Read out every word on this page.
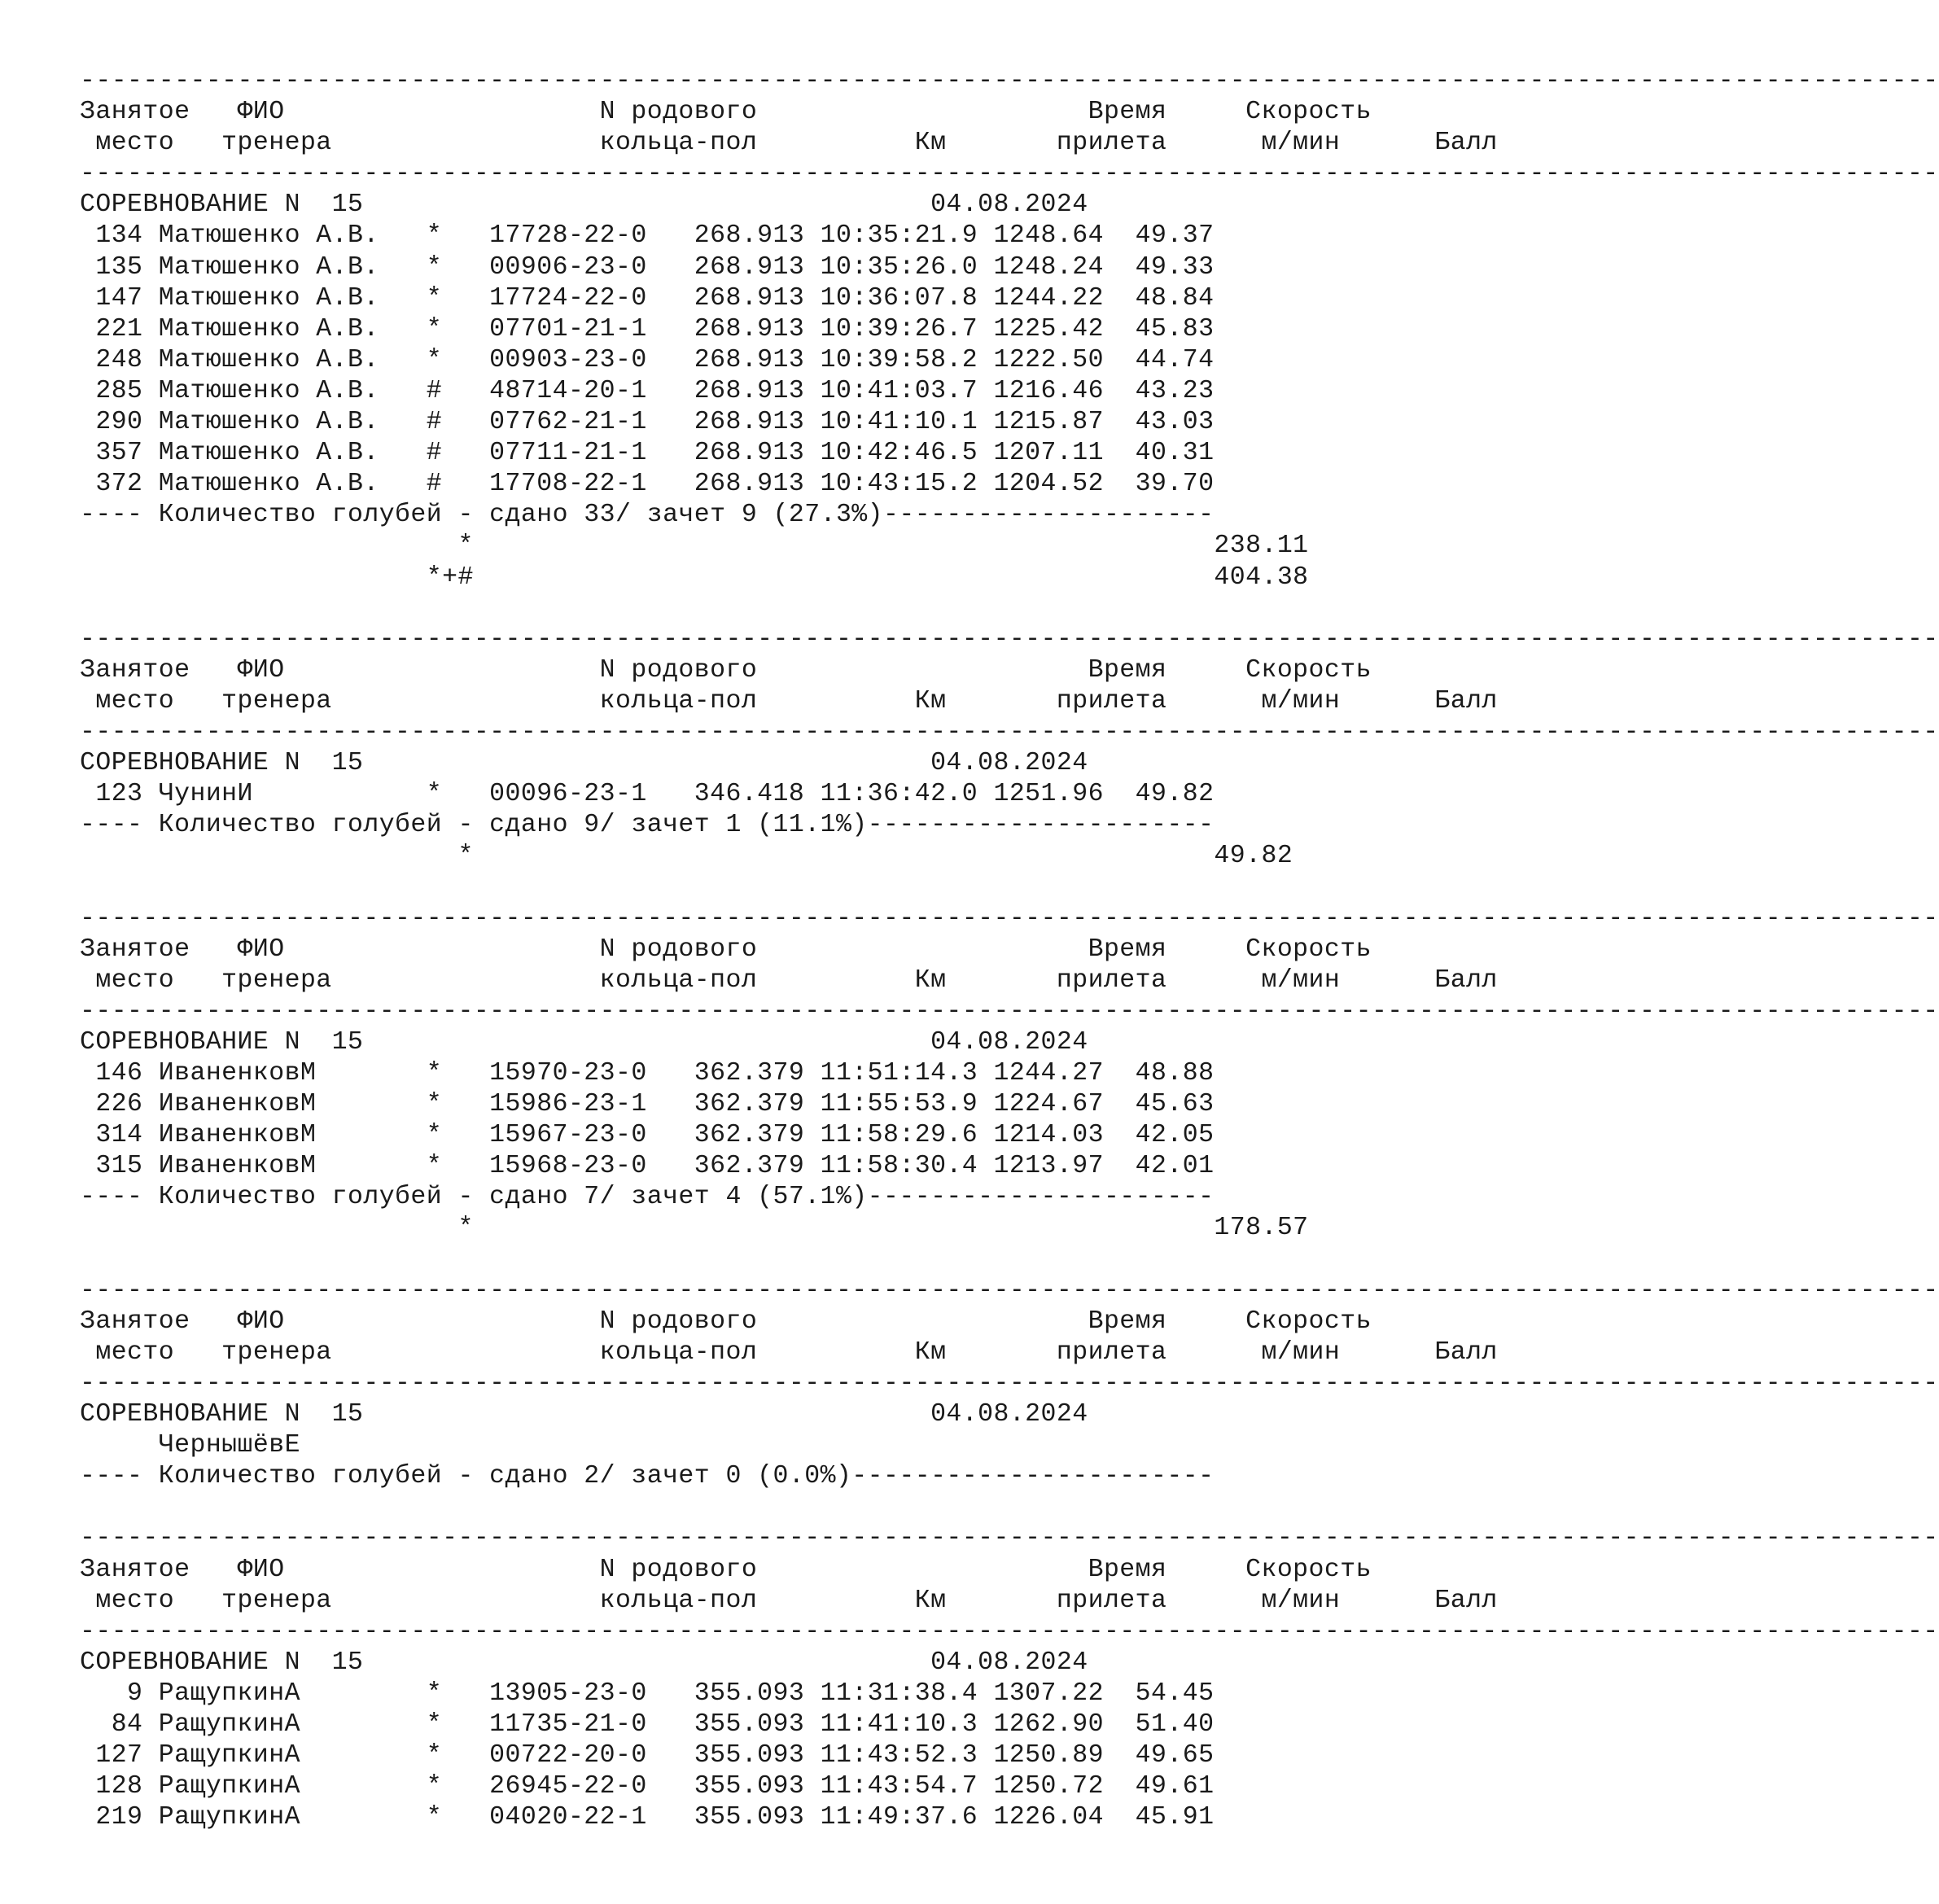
----------------------------------------------------------------------------------------------------------------------
Занятое   ФИО                    N родового                     Время     Скорость
место   тренера                 кольца-пол          Км       прилета      м/мин      Балл
----------------------------------------------------------------------------------------------------------------------
СОРЕВНОВАНИЕ N  15                                    04.08.2024
134 Матюшенко А.В.   *   17728-22-0   268.913 10:35:21.9 1248.64  49.37
135 Матюшенко А.В.   *   00906-23-0   268.913 10:35:26.0 1248.24  49.33
147 Матюшенко А.В.   *   17724-22-0   268.913 10:36:07.8 1244.22  48.84
221 Матюшенко А.В.   *   07701-21-1   268.913 10:39:26.7 1225.42  45.83
248 Матюшенко А.В.   *   00903-23-0   268.913 10:39:58.2 1222.50  44.74
285 Матюшенко А.В.   #   48714-20-1   268.913 10:41:03.7 1216.46  43.23
290 Матюшенко А.В.   #   07762-21-1   268.913 10:41:10.1 1215.87  43.03
357 Матюшенко А.В.   #   07711-21-1   268.913 10:42:46.5 1207.11  40.31
372 Матюшенко А.В.   #   17708-22-1   268.913 10:43:15.2 1204.52  39.70
---- Количество голубей - сдано 33/ зачет 9 (27.3%)---------------------
*                                               238.11
*+#                                               404.38
----------------------------------------------------------------------------------------------------------------------
Занятое   ФИО                    N родового                     Время     Скорость
место   тренера                 кольца-пол          Км       прилета      м/мин      Балл
----------------------------------------------------------------------------------------------------------------------
СОРЕВНОВАНИЕ N  15                                    04.08.2024
123 ЧунинИ           *   00096-23-1   346.418 11:36:42.0 1251.96  49.82
---- Количество голубей - сдано 9/ зачет 1 (11.1%)----------------------
*                                               49.82
----------------------------------------------------------------------------------------------------------------------
Занятое   ФИО                    N родового                     Время     Скорость
место   тренера                 кольца-пол          Км       прилета      м/мин      Балл
----------------------------------------------------------------------------------------------------------------------
СОРЕВНОВАНИЕ N  15                                    04.08.2024
146 ИваненковМ       *   15970-23-0   362.379 11:51:14.3 1244.27  48.88
226 ИваненковМ       *   15986-23-1   362.379 11:55:53.9 1224.67  45.63
314 ИваненковМ       *   15967-23-0   362.379 11:58:29.6 1214.03  42.05
315 ИваненковМ       *   15968-23-0   362.379 11:58:30.4 1213.97  42.01
---- Количество голубей - сдано 7/ зачет 4 (57.1%)----------------------
*                                               178.57
----------------------------------------------------------------------------------------------------------------------
Занятое   ФИО                    N родового                     Время     Скорость
место   тренера                 кольца-пол          Км       прилета      м/мин      Балл
----------------------------------------------------------------------------------------------------------------------
СОРЕВНОВАНИЕ N  15                                    04.08.2024
ЧернышёвЕ
---- Количество голубей - сдано 2/ зачет 0 (0.0%)-----------------------
----------------------------------------------------------------------------------------------------------------------
Занятое   ФИО                    N родового                     Время     Скорость
место   тренера                 кольца-пол          Км       прилета      м/мин      Балл
----------------------------------------------------------------------------------------------------------------------
СОРЕВНОВАНИЕ N  15                                    04.08.2024
9 РащупкинА        *   13905-23-0   355.093 11:31:38.4 1307.22  54.45
84 РащупкинА        *   11735-21-0   355.093 11:41:10.3 1262.90  51.40
127 РащупкинА        *   00722-20-0   355.093 11:43:52.3 1250.89  49.65
128 РащупкинА        *   26945-22-0   355.093 11:43:54.7 1250.72  49.61
219 РащупкинА        *   04020-22-1   355.093 11:49:37.6 1226.04  45.91
